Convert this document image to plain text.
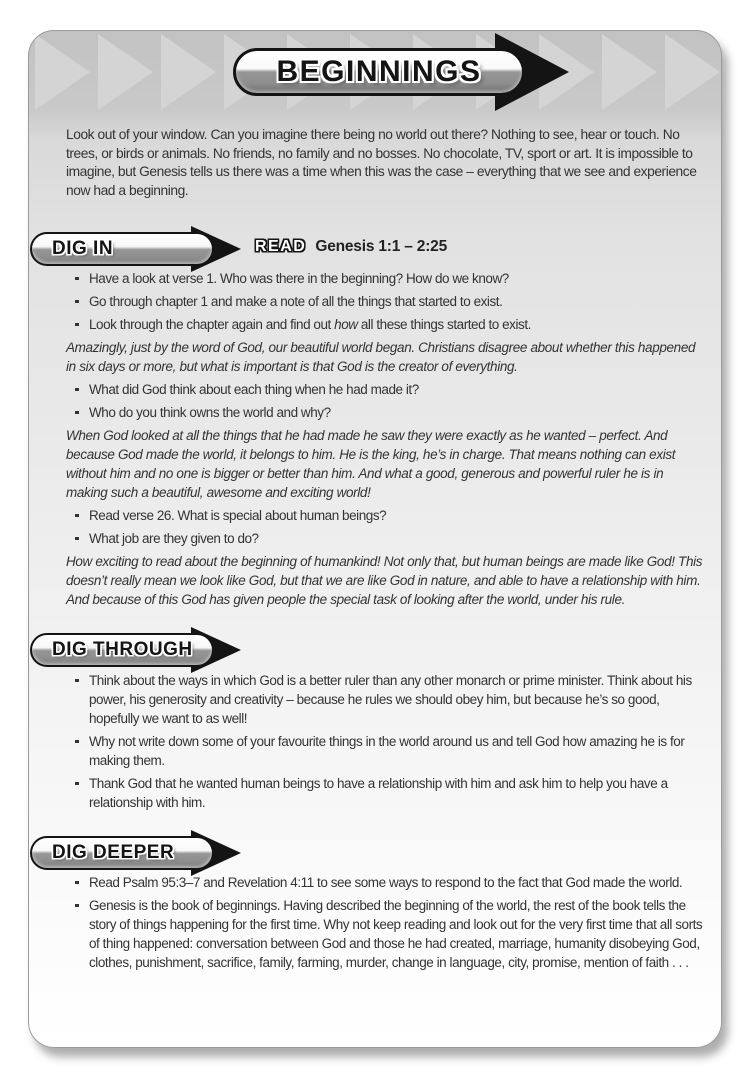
BEGINNINGS

Look out of your window. Can you imagine there being no world out there? Nothing to see, hear or touch. No trees, or birds or animals. No friends, no family and no bosses. No chocolate, TV, sport or art. It is impossible to imagine, but Genesis tells us there was a time when this was the case – everything that we see and experience now had a beginning.

DIG IN	READ Genesis 1:1 – 2:25
Have a look at verse 1. Who was there in the beginning? How do we know?
Go through chapter 1 and make a note of all the things that started to exist.
Look through the chapter again and find out how all these things started to exist.

Amazingly, just by the word of God, our beautiful world began. Christians disagree about whether this happened in six days or more, but what is important is that God is the creator of everything.

What did God think about each thing when he had made it?
Who do you think owns the world and why?

When God looked at all the things that he had made he saw they were exactly as he wanted – perfect. And because God made the world, it belongs to him. He is the king, he’s in charge. That means nothing can exist without him and no one is bigger or better than him. And what a good, generous and powerful ruler he is in making such a beautiful, awesome and exciting world!

Read verse 26. What is special about human beings?
What job are they given to do?

How exciting to read about the beginning of humankind! Not only that, but human beings are made like God! This doesn’t really mean we look like God, but that we are like God in nature, and able to have a relationship with him. And because of this God has given people the special task of looking after the world, under his rule.

DIG THROUGH
Think about the ways in which God is a better ruler than any other monarch or prime minister. Think about his power, his generosity and creativity – because he rules we should obey him, but because he’s so good, hopefully we want to as well!
Why not write down some of your favourite things in the world around us and tell God how amazing he is for making them.
Thank God that he wanted human beings to have a relationship with him and ask him to help you have a relationship with him.
DIG DEEPER
Read Psalm 95:3–7 and Revelation 4:11 to see some ways to respond to the fact that God made the world.
Genesis is the book of beginnings. Having described the beginning of the world, the rest of the book tells the story of things happening for the first time. Why not keep reading and look out for the very first time that all sorts of thing happened: conversation between God and those he had created, marriage, humanity disobeying God, clothes, punishment, sacrifice, family, farming, murder, change in language, city, promise, mention of faith . . .
